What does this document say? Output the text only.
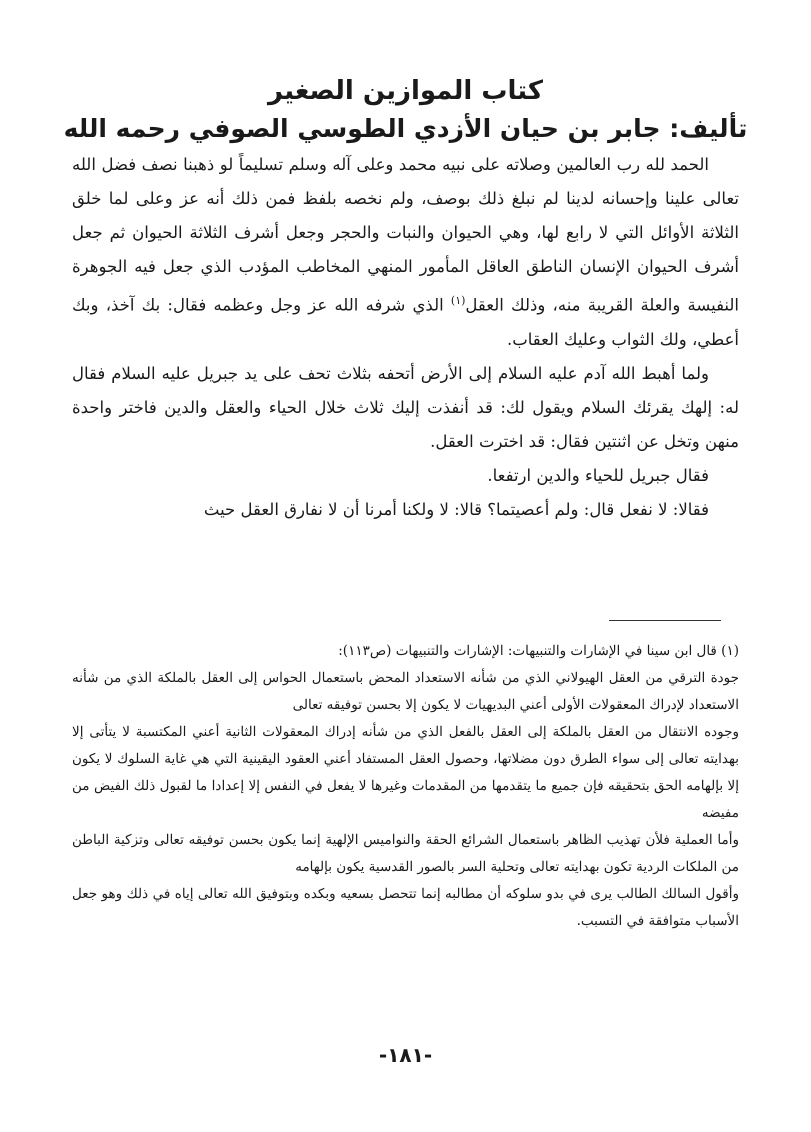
كتاب الموازين الصغير
تأليف: جابر بن حيان الأزدي الطوسي الصوفي رحمه الله

الحمد لله رب العالمين وصلاته على نبيه محمد وعلى آله وسلم تسليماً لو ذهبنا نصف فضل الله تعالى علينا وإحسانه لدينا لم نبلغ ذلك بوصف، ولم نخصه بلفظ فمن ذلك أنه عز وعلى لما خلق الثلاثة الأوائل التي لا رابع لها، وهي الحيوان والنبات والحجر وجعل أشرف الثلاثة الحيوان ثم جعل أشرف الحيوان الإنسان الناطق العاقل المأمور المنهي المخاطب المؤدب الذي جعل فيه الجوهرة النفيسة والعلة القريبة منه، وذلك العقل$^{(١)}$ الذي شرفه الله عز وجل وعظمه فقال: بك آخذ، وبك أعطي، ولك الثواب وعليك العقاب.

ولما أهبط الله آدم عليه السلام إلى الأرض أتحفه بثلاث تحف على يد جبريل عليه السلام فقال له: إلهك يقرئك السلام ويقول لك: قد أنفذت إليك ثلاث خلال الحياء والعقل والدين فاختر واحدة منهن وتخل عن اثنتين فقال: قد اخترت العقل.

فقال جبريل للحياء والدين ارتفعا.

فقالا: لا نفعل قال: ولم أعصيتما؟ قالا: لا ولكنا أمرنا أن لا نفارق العقل حيث

(١) قال ابن سينا في الإشارات والتنبيهات: الإشارات والتنبيهات (ص١١٣):

جودة الترقي من العقل الهيولاني الذي من شأنه الاستعداد المحض باستعمال الحواس إلى العقل بالملكة الذي من شأنه الاستعداد لإدراك المعقولات الأولى أعني البديهيات لا يكون إلا بحسن توفيقه تعالى

وجوده الانتقال من العقل بالملكة إلى العقل بالفعل الذي من شأنه إدراك المعقولات الثانية أعني المكتسبة لا يتأتى إلا بهدايته تعالى إلى سواء الطرق دون مضلاتها، وحصول العقل المستفاد أعني العقود اليقينية التي هي غاية السلوك لا يكون إلا بإلهامه الحق بتحقيقه فإن جميع ما يتقدمها من المقدمات وغيرها لا يفعل في النفس إلا إعدادا ما لقبول ذلك الفيض من مفيضه

وأما العملية فلأن تهذيب الظاهر باستعمال الشرائع الحقة والنواميس الإلهية إنما يكون بحسن توفيقه تعالى وتزكية الباطن من الملكات الردية تكون بهدايته تعالى وتحلية السر بالصور القدسية يكون بإلهامه

وأقول السالك الطالب يرى في بدو سلوكه أن مطالبه إنما تتحصل بسعيه وبكده وبتوفيق الله تعالى إياه في ذلك وهو جعل الأسباب متوافقة في التسبب.

-١٨١-
